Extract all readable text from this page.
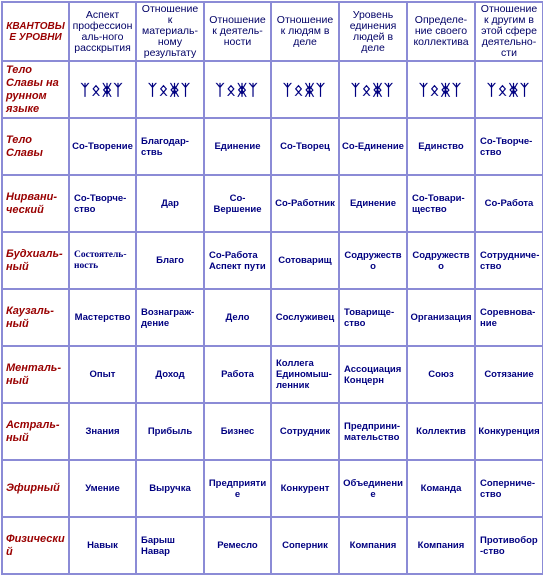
КВАНТОВЫЕ УРОВНИ	Аспект профессиональ-ного расскрытия	Отношение к материаль-ному результату	Отношение к деятель-ности	Отношение к людям в деле	Уровень единения людей в деле	Определе-ние своего коллектива	Отношение к другим в этой сфере деятельно-сти
Тело Славы на рунном языке	ᛉᛟᛤᛉ	ᛉᛟᛤᛉ	ᛉᛟᛤᛉ	ᛉᛟᛤᛉ	ᛉᛟᛤᛉ	ᛉᛟᛤᛉ	ᛉᛟᛤᛉ
Тело Славы	Со-Творение	Благодар-ствь	Единение	Со-Творец	Со-Единение	Единство	Со-Творче-ство
Нирвани-ческий	Со-Творче-ство	Дар	Со-Вершение	Со-Работник	Единение	Со-Товари-щество	Со-Работа
Будхиаль-ный	Состоятель-ность	Благо	Со-Работа Аспект пути	Сотоварищ	Содружество	Содружество	Сотрудниче-ство
Каузаль-ный	Мастерство	Вознаграж-дение	Дело	Сослуживец	Товарище-ство	Организация	Соревнова-ние
Менталь-ный	Опыт	Доход	Работа	Коллега Единомыш-ленник	Ассоциация Концерн	Союз	Сотязание
Астраль-ный	Знания	Прибыль	Бизнес	Сотрудник	Предприни-мательство	Коллектив	Конкуренция
Эфирный	Умение	Выручка	Предприятие	Конкурент	Объединение	Команда	Соперниче-ство
Физический	Навык	Барыш Навар	Ремесло	Соперник	Компания	Компания	Противобор-ство
